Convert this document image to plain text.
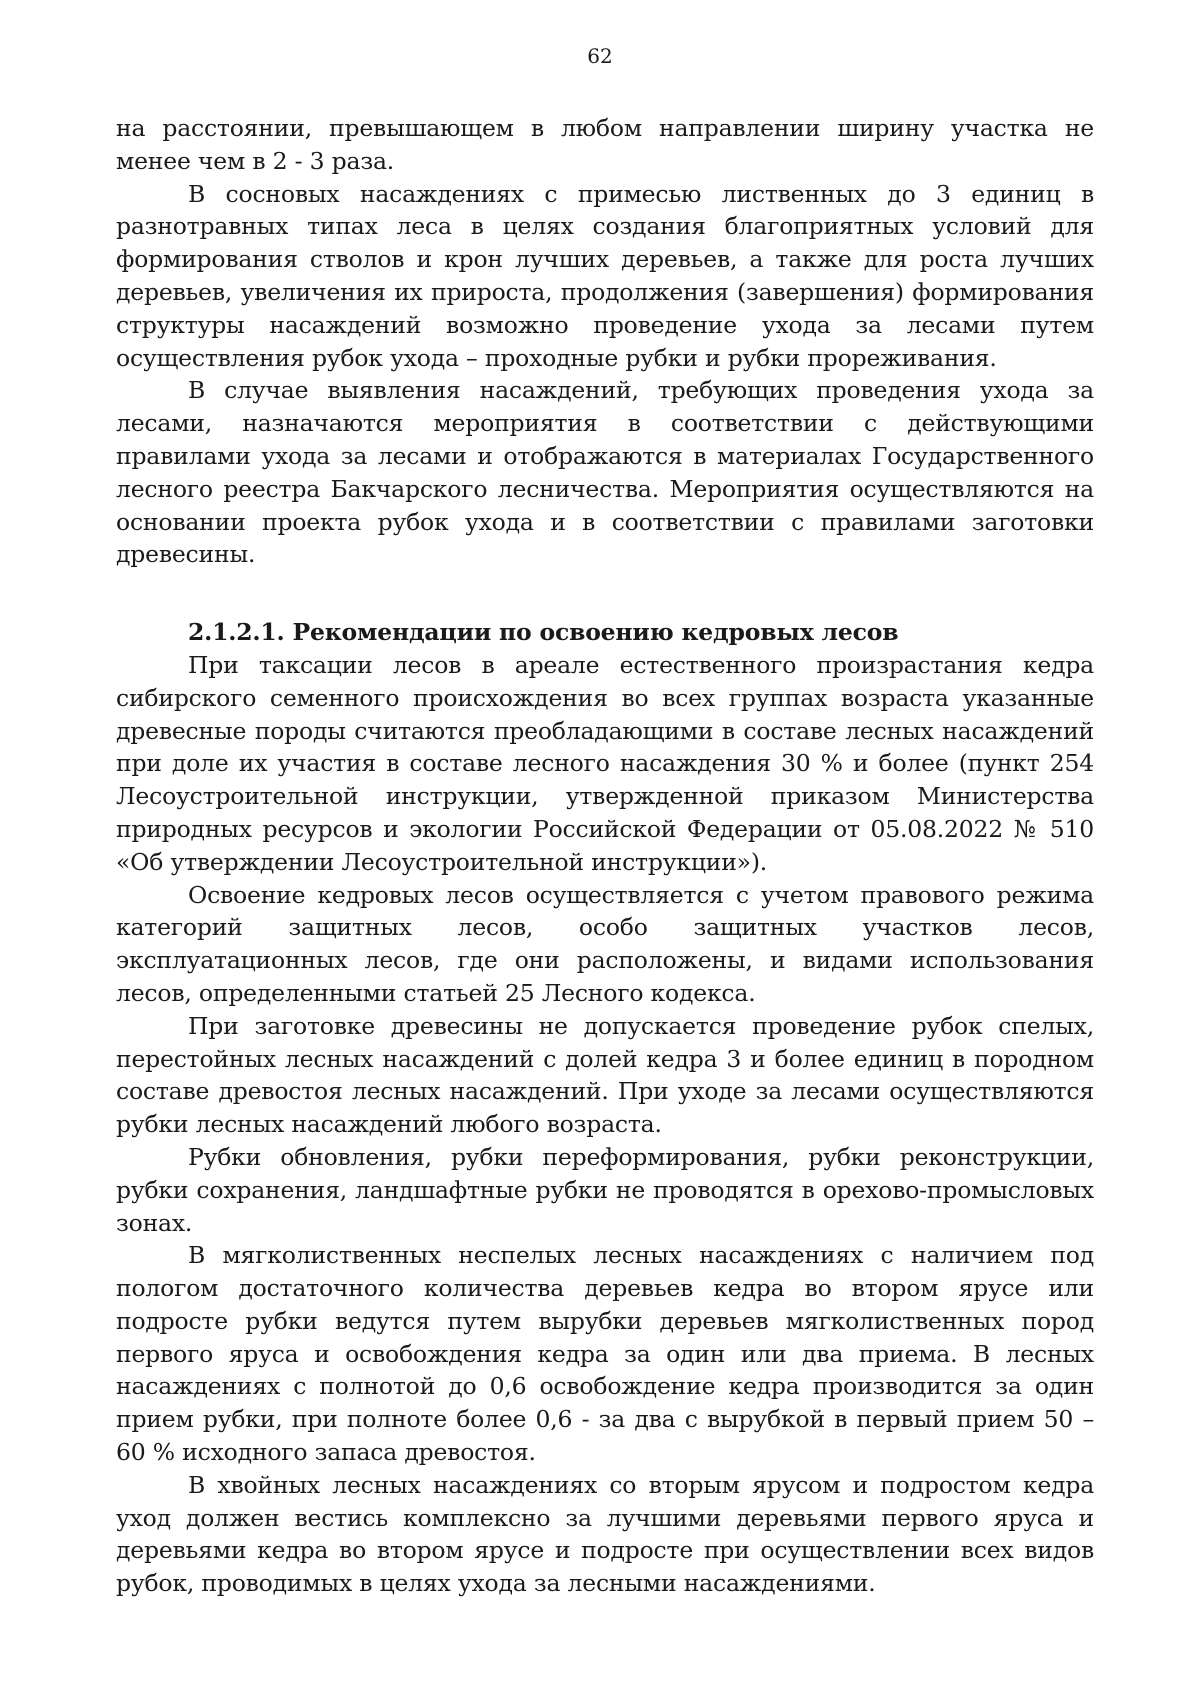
62

на расстоянии, превышающем в любом направлении ширину участка не менее чем в 2 - 3 раза.

В сосновых насаждениях с примесью лиственных до 3 единиц в разнотравных типах леса в целях создания благоприятных условий для формирования стволов и крон лучших деревьев, а также для роста лучших деревьев, увеличения их прироста, продолжения (завершения) формирования структуры насаждений возможно проведение ухода за лесами путем осуществления рубок ухода – проходные рубки и рубки прореживания.

В случае выявления насаждений, требующих проведения ухода за лесами, назначаются мероприятия в соответствии с действующими правилами ухода за лесами и отображаются в материалах Государственного лесного реестра Бакчарского лесничества. Мероприятия осуществляются на основании проекта рубок ухода и в соответствии с правилами заготовки древесины.

2.1.2.1. Рекомендации по освоению кедровых лесов

При таксации лесов в ареале естественного произрастания кедра сибирского семенного происхождения во всех группах возраста указанные древесные породы считаются преобладающими в составе лесных насаждений при доле их участия в составе лесного насаждения 30 % и более (пункт 254 Лесоустроительной инструкции, утвержденной приказом Министерства природных ресурсов и экологии Российской Федерации от 05.08.2022 № 510 «Об утверждении Лесоустроительной инструкции»).

Освоение кедровых лесов осуществляется с учетом правового режима категорий защитных лесов, особо защитных участков лесов, эксплуатационных лесов, где они расположены, и видами использования лесов, определенными статьей 25 Лесного кодекса.

При заготовке древесины не допускается проведение рубок спелых, перестойных лесных насаждений с долей кедра 3 и более единиц в породном составе древостоя лесных насаждений. При уходе за лесами осуществляются рубки лесных насаждений любого возраста.

Рубки обновления, рубки переформирования, рубки реконструкции, рубки сохранения, ландшафтные рубки не проводятся в орехово-промысловых зонах.

В мягколиственных неспелых лесных насаждениях с наличием под пологом достаточного количества деревьев кедра во втором ярусе или подросте рубки ведутся путем вырубки деревьев мягколиственных пород первого яруса и освобождения кедра за один или два приема. В лесных насаждениях с полнотой до 0,6 освобождение кедра производится за один прием рубки, при полноте более 0,6 - за два с вырубкой в первый прием 50 – 60 % исходного запаса древостоя.

В хвойных лесных насаждениях со вторым ярусом и подростом кедра уход должен вестись комплексно за лучшими деревьями первого яруса и деревьями кедра во втором ярусе и подросте при осуществлении всех видов рубок, проводимых в целях ухода за лесными насаждениями.
